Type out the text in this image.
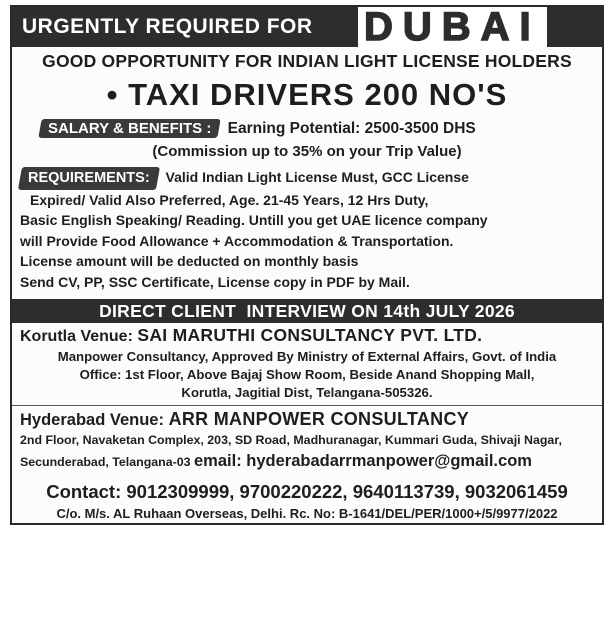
URGENTLY REQUIRED FOR DUBAI
GOOD OPPORTUNITY FOR INDIAN LIGHT LICENSE HOLDERS
• TAXI DRIVERS 200 NO'S
SALARY & BENEFITS : Earning Potential: 2500-3500 DHS
(Commission up to 35% on your Trip Value)
REQUIREMENTS: Valid Indian Light License Must, GCC License
Expired/ Valid Also Preferred, Age. 21-45 Years, 12 Hrs Duty,
Basic English Speaking/ Reading. Untill you get UAE licence company
will Provide Food Allowance + Accommodation & Transportation.
License amount will be deducted on monthly basis
Send CV, PP, SSC Certificate, License copy in PDF by Mail.
DIRECT CLIENT  INTERVIEW ON 14th JULY 2026
Korutla Venue: SAI MARUTHI CONSULTANCY PVT. LTD.
Manpower Consultancy, Approved By Ministry of External Affairs, Govt. of India
Office: 1st Floor, Above Bajaj Show Room, Beside Anand Shopping Mall,
Korutla, Jagitial Dist, Telangana-505326.
Hyderabad Venue: ARR MANPOWER CONSULTANCY
2nd Floor, Navaketan Complex, 203, SD Road, Madhuranagar, Kummari Guda, Shivaji Nagar,
Secunderabad, Telangana-03 email: hyderabadarrmanpower@gmail.com
Contact: 9012309999, 9700220222, 9640113739, 9032061459
C/o. M/s. AL Ruhaan Overseas, Delhi. Rc. No: B-1641/DEL/PER/1000+/5/9977/2022
